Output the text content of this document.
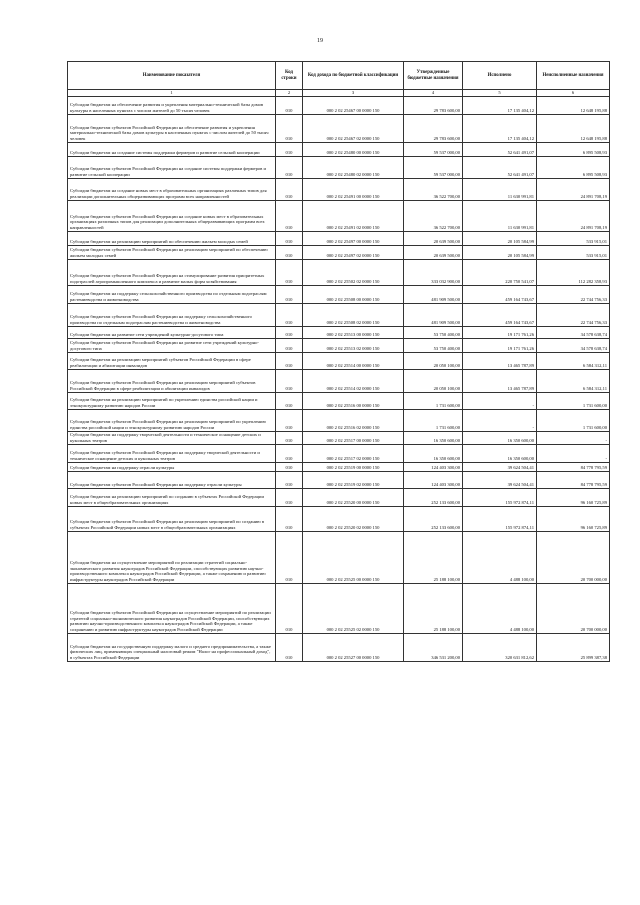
19
Наименование показателя	Код строки	Код дохода по бюджетной классификации	Утвержденные бюджетные назначения	Исполнено	Неисполненные назначения
1	2	3	4	5	6
Субсидии бюджетам на обеспечение развития и укрепления материально-технической базы домов культуры в населенных пунктах с числом жителей до 50 тысяч человек	010	000 2 02 25467 00 0000 150	29 783 600,00	17 135 404,12	12 648 195,88
Субсидии бюджетам субъектов Российской Федерации на обеспечение развития и укрепления материально-технической базы домов культуры в населенных пунктах с числом жителей до 50 тысяч человек	010	000 2 02 25467 02 0000 150	29 783 600,00	17 135 404,12	12 648 195,88
Субсидии бюджетам на создание системы поддержки фермеров и развитие сельской кооперации	010	000 2 02 25480 00 0000 150	59 537 000,00	52 641 491,07	6 895 508,93
Субсидии бюджетам субъектов Российской Федерации на создание системы поддержки фермеров и развитие сельской кооперации	010	000 2 02 25480 02 0000 150	59 537 000,00	52 641 491,07	6 895 508,93
Субсидии бюджетам на создание новых мест в образовательных организациях различных типов для реализации дополнительных общеразвивающих программ всех направленностей	010	000 2 02 25491 00 0000 150	36 522 700,00	11 630 991,81	24 891 708,19
Субсидии бюджетам субъектов Российской Федерации на создание новых мест в образовательных организациях различных типов для реализации дополнительных общеразвивающих программ всех направленностей	010	000 2 02 25491 02 0000 150	36 522 700,00	11 630 991,81	24 891 708,19
Субсидии бюджетам на реализацию мероприятий по обеспечению жильем молодых семей	010	000 2 02 25497 00 0000 150	20 639 500,00	20 105 584,99	533 915,01
Субсидии бюджетам субъектов Российской Федерации на реализацию мероприятий по обеспечению жильем молодых семей	010	000 2 02 25497 02 0000 150	20 639 500,00	20 105 584,99	533 915,01
Субсидии бюджетам субъектов Российской Федерации на стимулирование развития приоритетных подотраслей агропромышленного комплекса и развитие малых форм хозяйствования	010	000 2 02 25502 02 0000 150	333 032 900,00	220 750 541,07	112 282 358,93
Субсидии бюджетам на поддержку сельскохозяйственного производства по отдельным подотраслям растениеводства и животноводства	010	000 2 02 25508 00 0000 150	481 909 500,00	459 164 743,67	22 744 756,33
Субсидии бюджетам субъектов Российской Федерации на поддержку сельскохозяйственного производства по отдельным подотраслям растениеводства и животноводства	010	000 2 02 25508 02 0000 150	481 909 500,00	459 164 743,67	22 744 756,33
Субсидии бюджетам на развитие сети учреждений культурно-досугового типа	010	000 2 02 25513 00 0000 150	53 750 400,00	19 171 761,26	34 578 638,74
Субсидии бюджетам субъектов Российской Федерации на развитие сети учреждений культурно-досугового типа	010	000 2 02 25513 02 0000 150	53 750 400,00	19 171 761,26	34 578 638,74
Субсидии бюджетам на реализацию мероприятий субъектов Российской Федерации в сфере реабилитации и абилитации инвалидов	010	000 2 02 25514 00 0000 150	20 050 100,00	13 465 787,89	6 584 312,11
Субсидии бюджетам субъектов Российской Федерации на реализацию мероприятий субъектов Российской Федерации в сфере реабилитации и абилитации инвалидов	010	000 2 02 25514 02 0000 150	20 050 100,00	13 465 787,89	6 584 312,11
Субсидии бюджетам на реализацию мероприятий по укреплению единства российской нации и этнокультурному развитию народов России	010	000 2 02 25516 00 0000 150	1 731 600,00	-	1 731 600,00
Субсидии бюджетам субъектов Российской Федерации на реализацию мероприятий по укреплению единства российской нации и этнокультурному развитию народов России	010	000 2 02 25516 02 0000 150	1 731 600,00	-	1 731 600,00
Субсидии бюджетам на поддержку творческой деятельности и техническое оснащение детских и кукольных театров	010	000 2 02 25517 00 0000 150	16 350 600,00	16 350 600,00	-
Субсидии бюджетам субъектов Российской Федерации на поддержку творческой деятельности и техническое оснащение детских и кукольных театров	010	000 2 02 25517 02 0000 150	16 350 600,00	16 350 600,00	-
Субсидии бюджетам на поддержку отрасли культуры	010	000 2 02 25519 00 0000 150	124 403 300,00	39 624 504,41	84 778 795,59
Субсидии бюджетам субъектов Российской Федерации на поддержку отрасли культуры	010	000 2 02 25519 02 0000 150	124 403 300,00	39 624 504,41	84 778 795,59
Субсидии бюджетам на реализацию мероприятий по созданию в субъектах Российской Федерации новых мест в общеобразовательных организациях	010	000 2 02 25520 00 0000 150	252 133 600,00	155 972 874,11	96 160 725,89
Субсидии бюджетам субъектов Российской Федерации на реализацию мероприятий по созданию в субъектах Российской Федерации новых мест в общеобразовательных организациях	010	000 2 02 25520 02 0000 150	252 133 600,00	155 972 874,11	96 160 725,89
Субсидии бюджетам на осуществление мероприятий по реализации стратегий социально-экономического развития наукоградов Российской Федерации, способствующих развитию научно-производственного комплекса наукоградов Российской Федерации, а также сохранению и развитию инфраструктуры наукоградов Российской Федерации	010	000 2 02 25525 00 0000 150	25 188 100,00	4 488 100,00	20 700 000,00
Субсидии бюджетам субъектов Российской Федерации на осуществление мероприятий по реализации стратегий социально-экономического развития наукоградов Российской Федерации, способствующих развитию научно-производственного комплекса наукоградов Российской Федерации, а также сохранению и развитию инфраструктуры наукоградов Российской Федерации	010	000 2 02 25525 02 0000 150	25 188 100,00	4 488 100,00	20 700 000,00
Субсидии бюджетам на государственную поддержку малого и среднего предпринимательства, а также физических лиц, применяющих специальный налоговый режим "Налог на профессиональный доход", в субъектах Российской Федерации	010	000 2 02 25527 00 0000 150	346 531 200,00	320 631 812,62	25 899 387,38
